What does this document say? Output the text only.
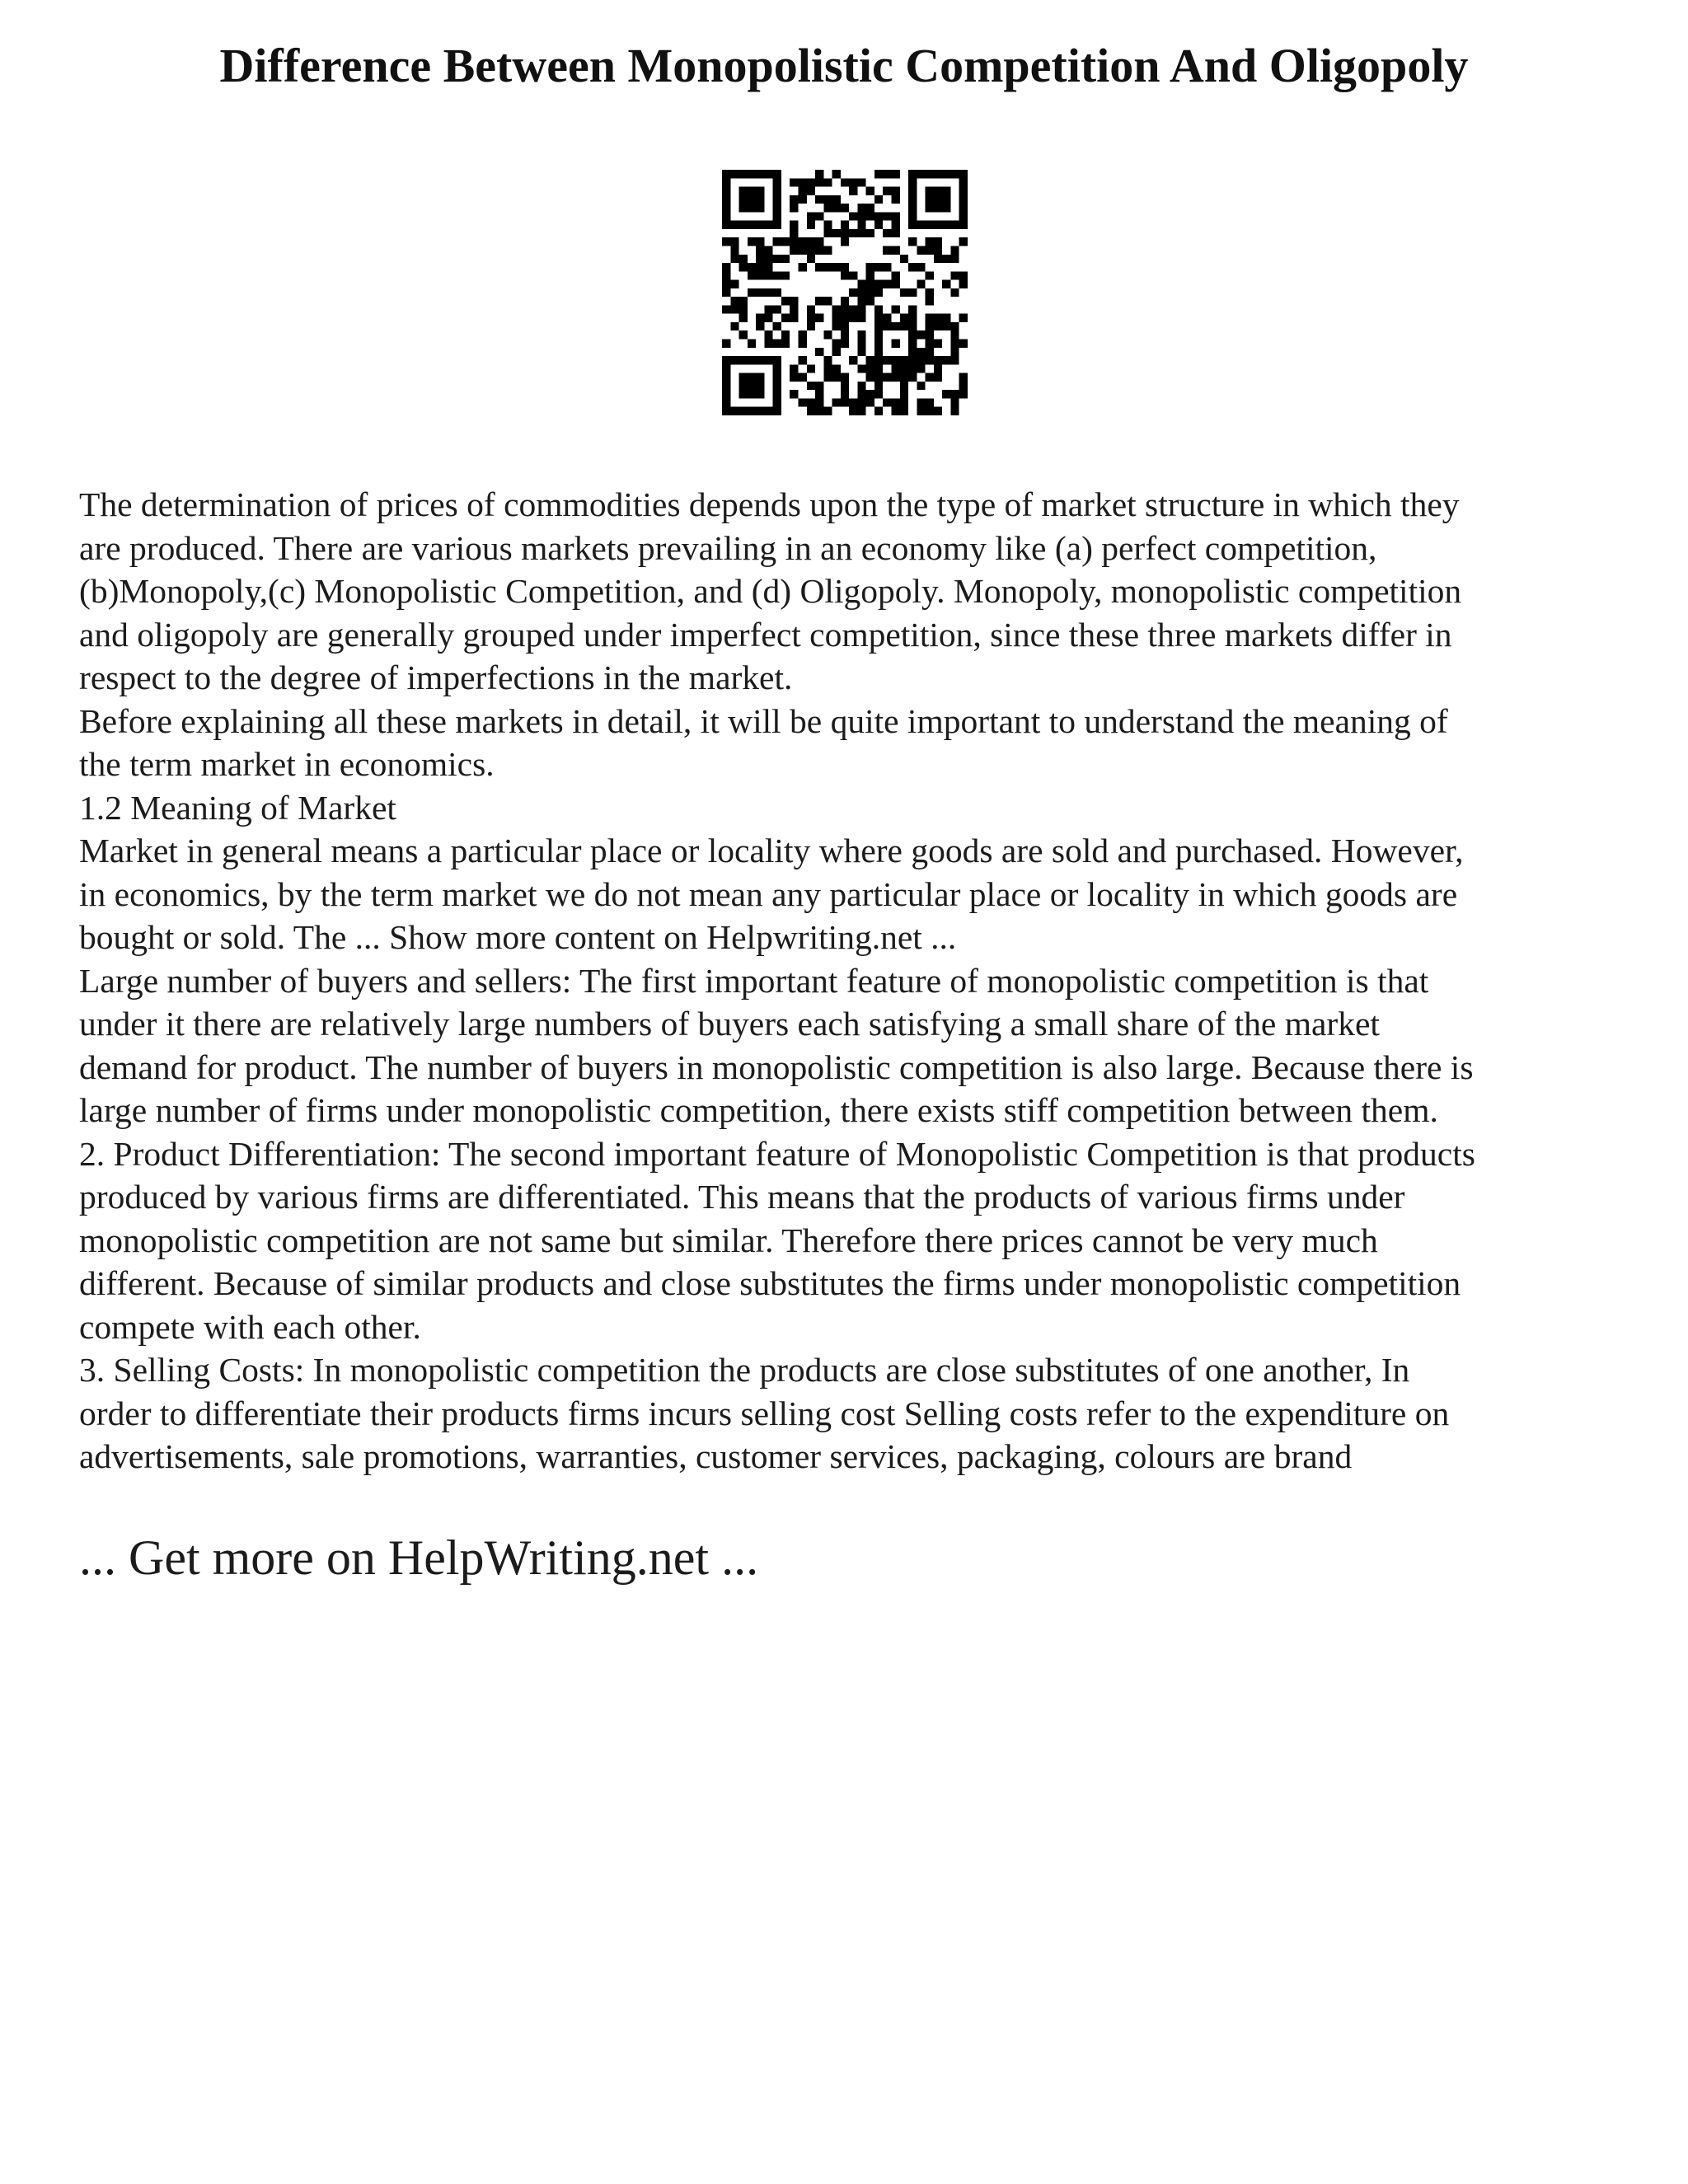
Difference Between Monopolistic Competition And Oligopoly
The determination of prices of commodities depends upon the type of market structure in which they
are produced. There are various markets prevailing in an economy like (a) perfect competition,
(b)Monopoly,(c) Monopolistic Competition, and (d) Oligopoly. Monopoly, monopolistic competition
and oligopoly are generally grouped under imperfect competition, since these three markets differ in
respect to the degree of imperfections in the market.
Before explaining all these markets in detail, it will be quite important to understand the meaning of
the term market in economics.
1.2 Meaning of Market
Market in general means a particular place or locality where goods are sold and purchased. However,
in economics, by the term market we do not mean any particular place or locality in which goods are
bought or sold. The ... Show more content on Helpwriting.net ...
Large number of buyers and sellers: The first important feature of monopolistic competition is that
under it there are relatively large numbers of buyers each satisfying a small share of the market
demand for product. The number of buyers in monopolistic competition is also large. Because there is
large number of firms under monopolistic competition, there exists stiff competition between them.
2. Product Differentiation: The second important feature of Monopolistic Competition is that products
produced by various firms are differentiated. This means that the products of various firms under
monopolistic competition are not same but similar. Therefore there prices cannot be very much
different. Because of similar products and close substitutes the firms under monopolistic competition
compete with each other.
3. Selling Costs: In monopolistic competition the products are close substitutes of one another, In
order to differentiate their products firms incurs selling cost Selling costs refer to the expenditure on
advertisements, sale promotions, warranties, customer services, packaging, colours are brand
... Get more on HelpWriting.net ...
